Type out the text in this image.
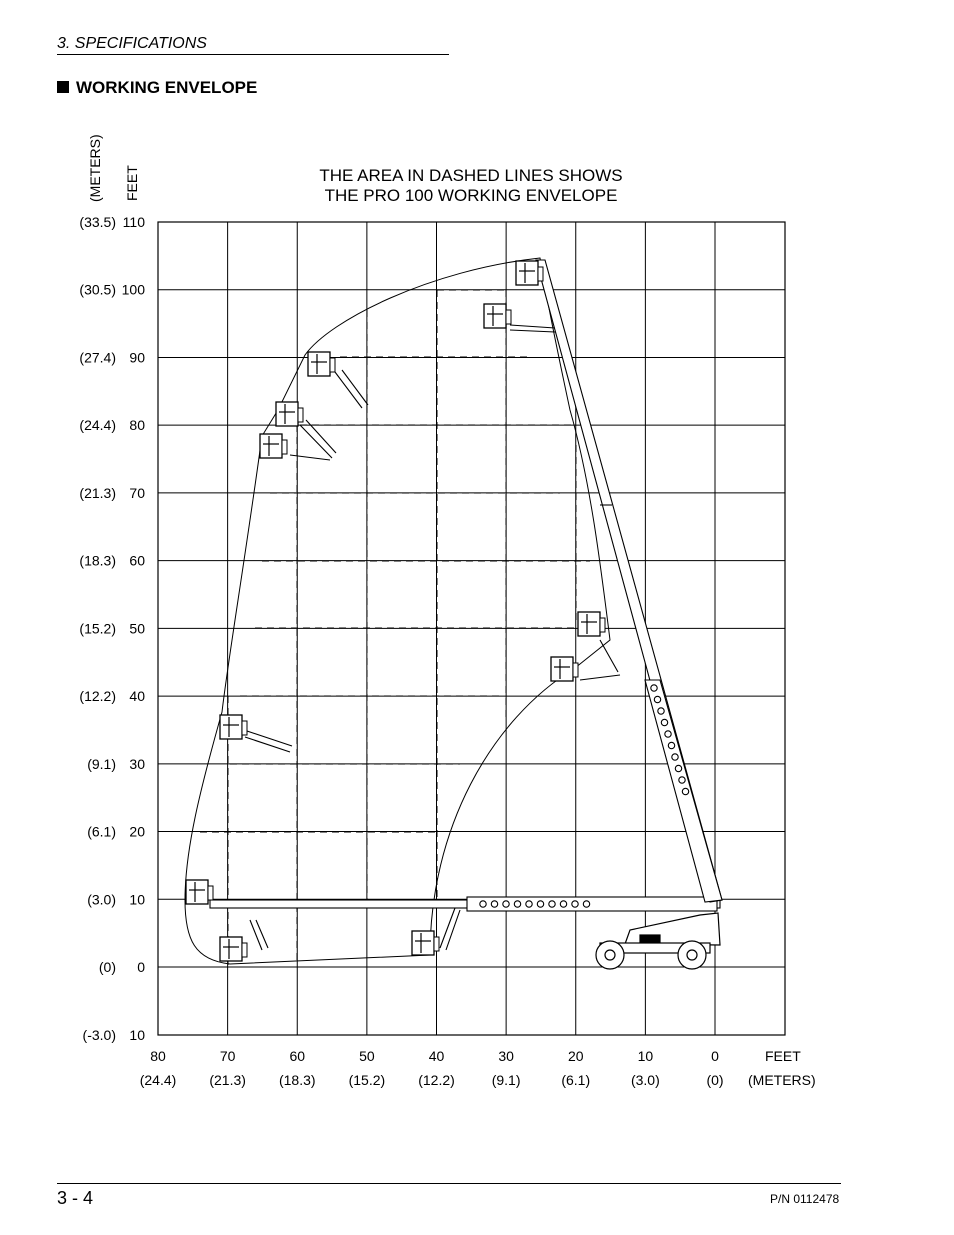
3. SPECIFICATIONS
WORKING ENVELOPE
THE AREA IN DASHED LINES SHOWS
THE PRO 100 WORKING ENVELOPE
(METERS) FEET
FEET
(METERS)
110
(33.5)
100
(30.5)
90
(27.4)
80
(24.4)
70
(21.3)
60
(18.3)
50
(15.2)
40
(12.2)
30
(9.1)
20
(6.1)
10
(3.0)
0
(0)
10
(-3.0)
80
(24.4)
70
(21.3)
60
(18.3)
50
(15.2)
40
(12.2)
30
(9.1)
20
(6.1)
10
(3.0)
0
(0)
3 - 4	P/N 0112478
